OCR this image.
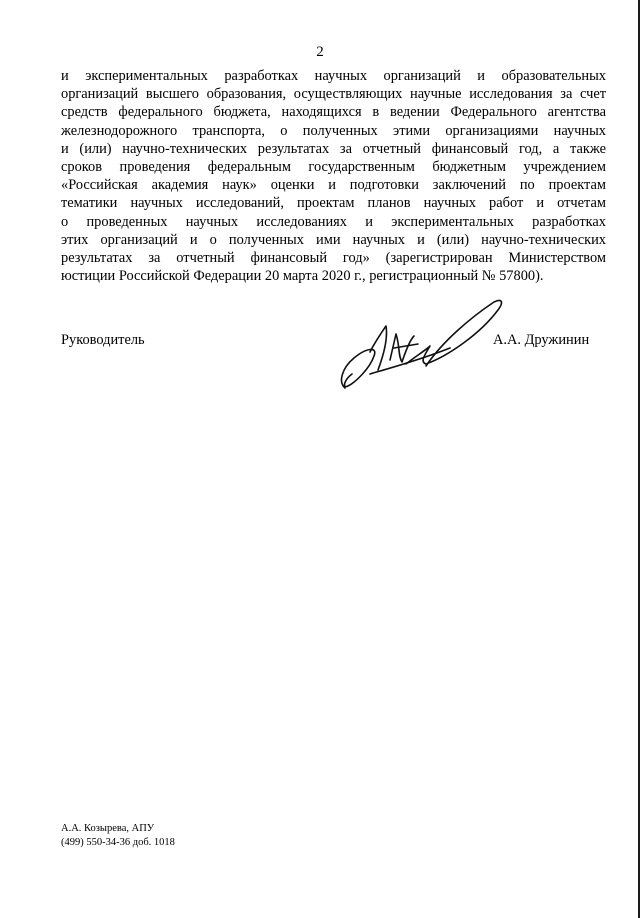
2
и экспериментальных разработках научных организаций и образовательных
организаций высшего образования, осуществляющих научные исследования за счет
средств федерального бюджета, находящихся в ведении Федерального агентства
железнодорожного транспорта, о полученных этими организациями научных
и (или) научно-технических результатах за отчетный финансовый год, а также
сроков проведения федеральным государственным бюджетным учреждением
«Российская академия наук» оценки и подготовки заключений по проектам
тематики научных исследований, проектам планов научных работ и отчетам
о проведенных научных исследованиях и экспериментальных разработках
этих организаций и о полученных ими научных и (или) научно-технических
результатах за отчетный финансовый год» (зарегистрирован Министерством
юстиции Российской Федерации 20 марта 2020 г., регистрационный № 57800).
Руководитель	А.А. Дружинин
А.А. Козырева, АПУ
(499) 550-34-36 доб. 1018
